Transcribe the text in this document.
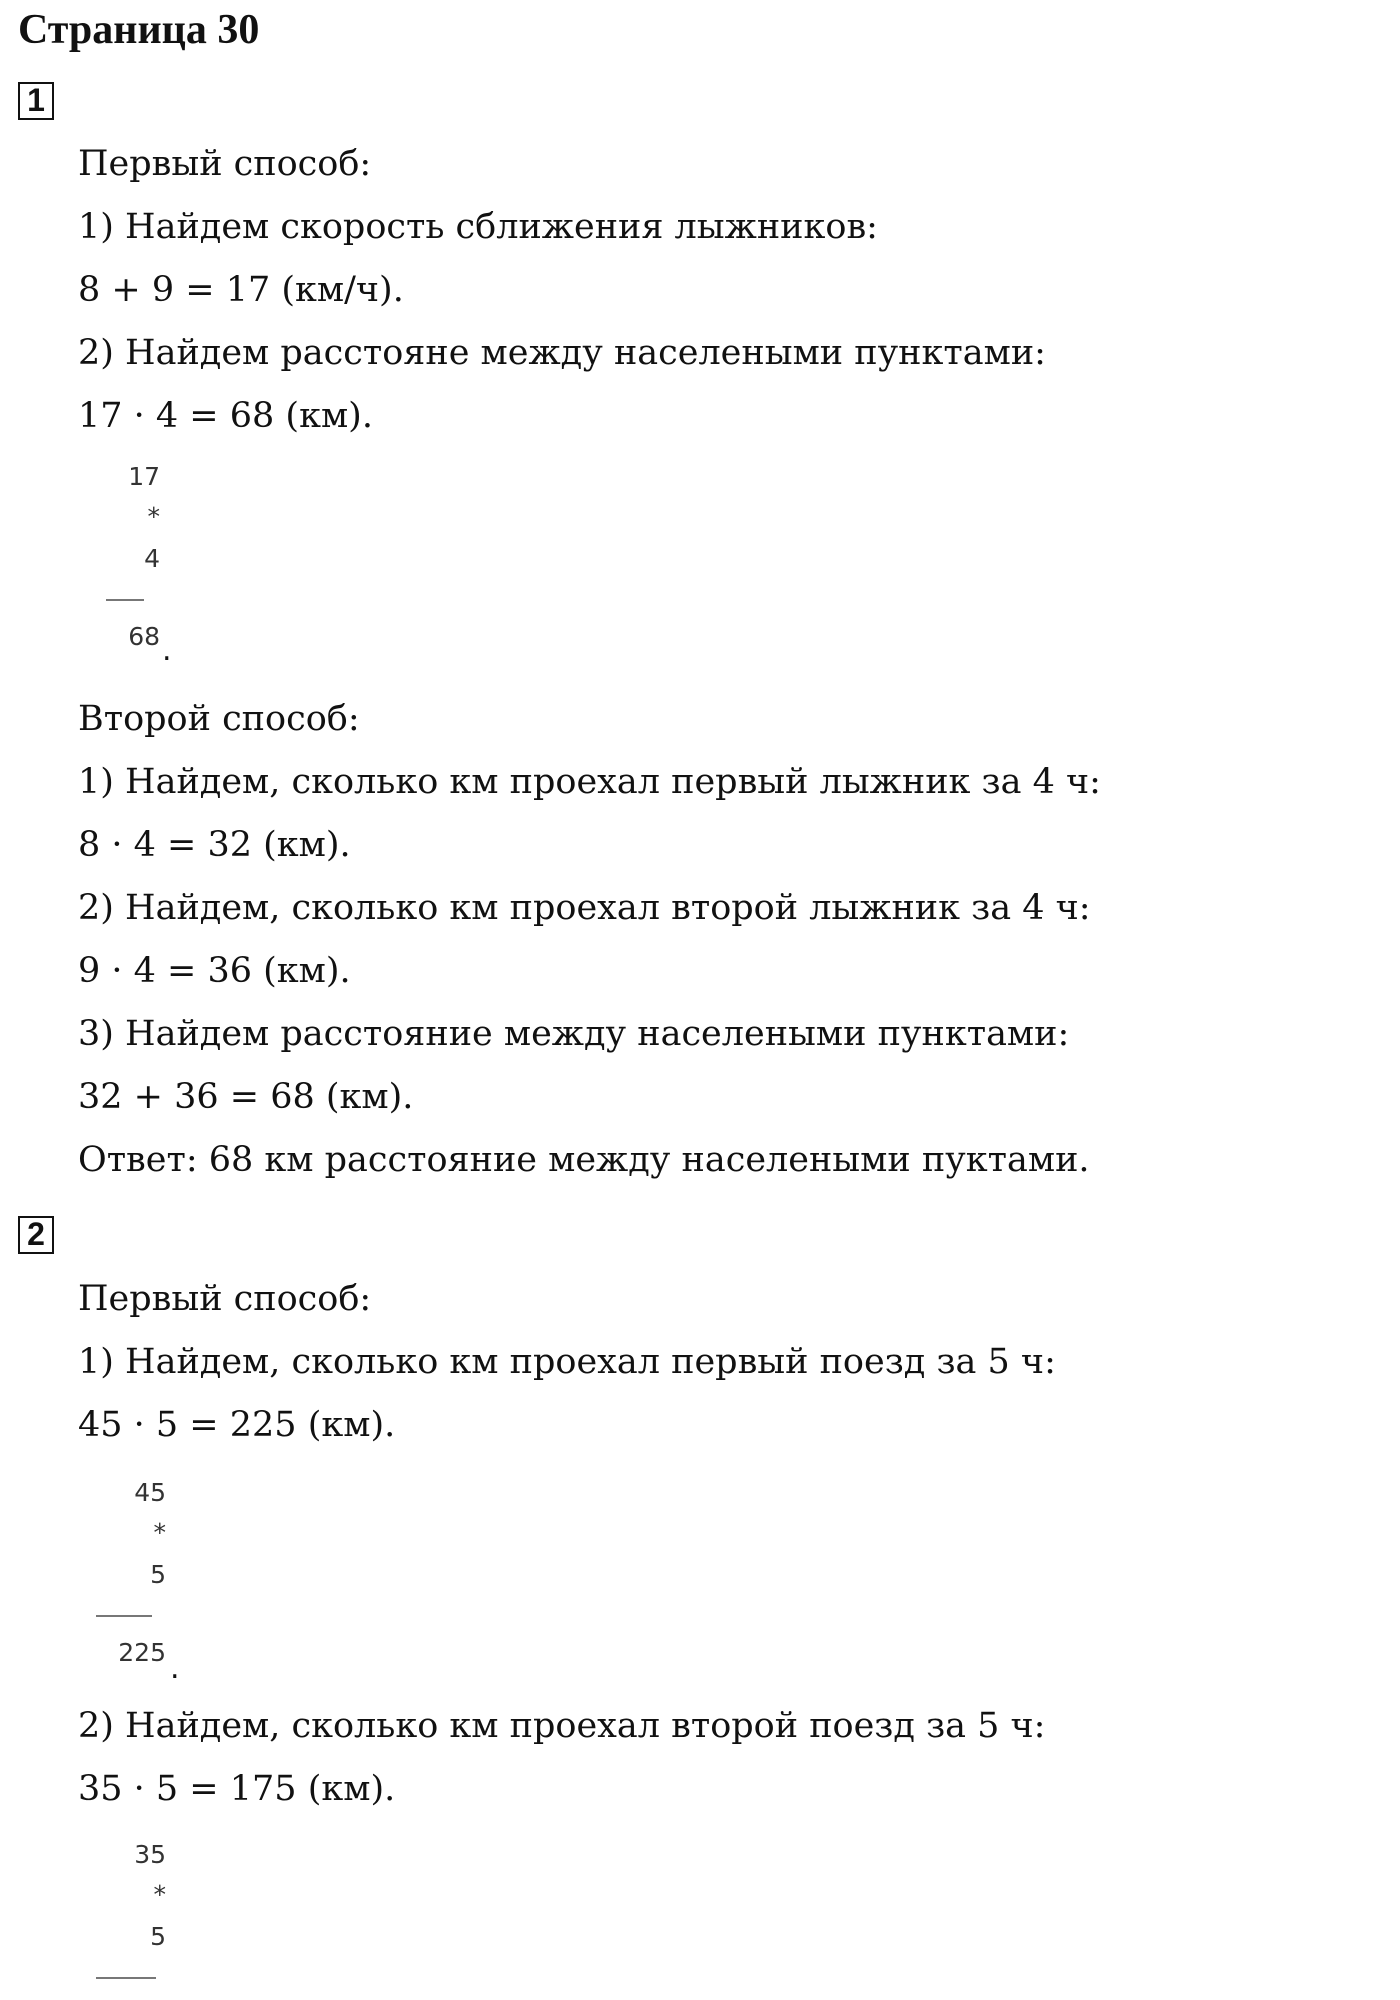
Страница 30
1
Первый способ:
1) Найдем скорость сближения лыжников:
8 + 9 = 17 (км/ч).
2) Найдем расстояне между населеными пунктами:
17 · 4 = 68 (км).
17
*
4
68 .
Второй способ:
1) Найдем, сколько км проехал первый лыжник за 4 ч:
8 · 4 = 32 (км).
2) Найдем, сколько км проехал второй лыжник за 4 ч:
9 · 4 = 36 (км).
3) Найдем расстояние между населеными пунктами:
32 + 36 = 68 (км).
Ответ: 68 км расстояние между населеными пуктами.
2
Первый способ:
1) Найдем, сколько км проехал первый поезд за 5 ч:
45 · 5 = 225 (км).
45
*
5
225 .
2) Найдем, сколько км проехал второй поезд за 5 ч:
35 · 5 = 175 (км).
35
*
5
